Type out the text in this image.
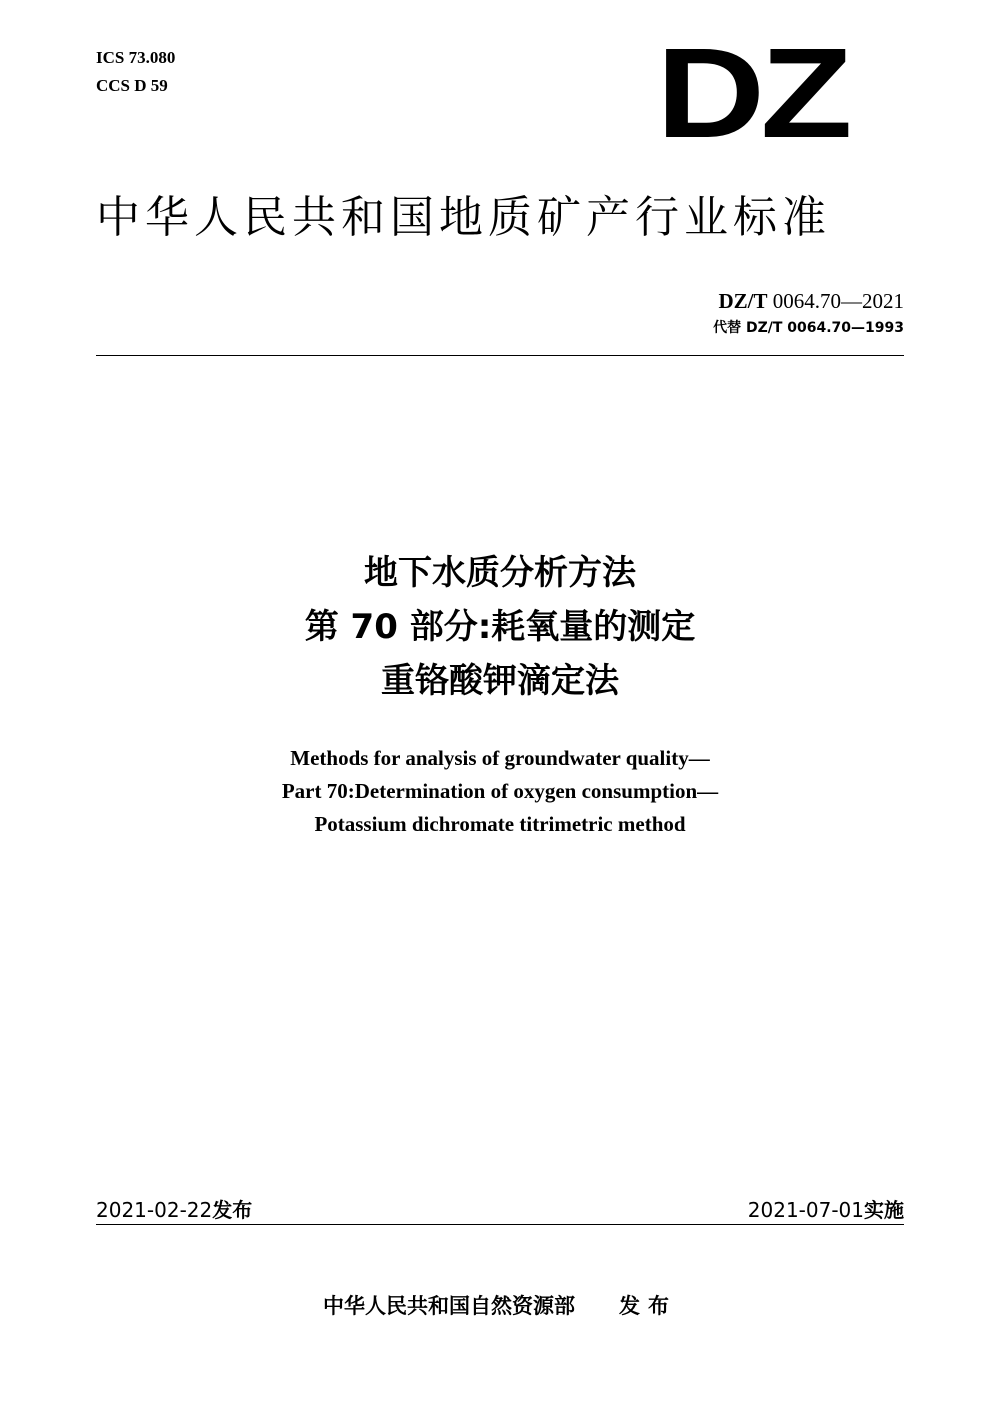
ICS 73.080
CCS D 59	DZ
中华人民共和国地质矿产行业标准
DZ/T 0064.70—2021
代替 DZ/T 0064.70—1993
地下水质分析方法
第 70 部分:耗氧量的测定
重铬酸钾滴定法
Methods for analysis of groundwater quality—
Part 70:Determination of oxygen consumption—
Potassium dichromate titrimetric method
2021-02-22发布	2021-07-01实施
中华人民共和国自然资源部 发布
